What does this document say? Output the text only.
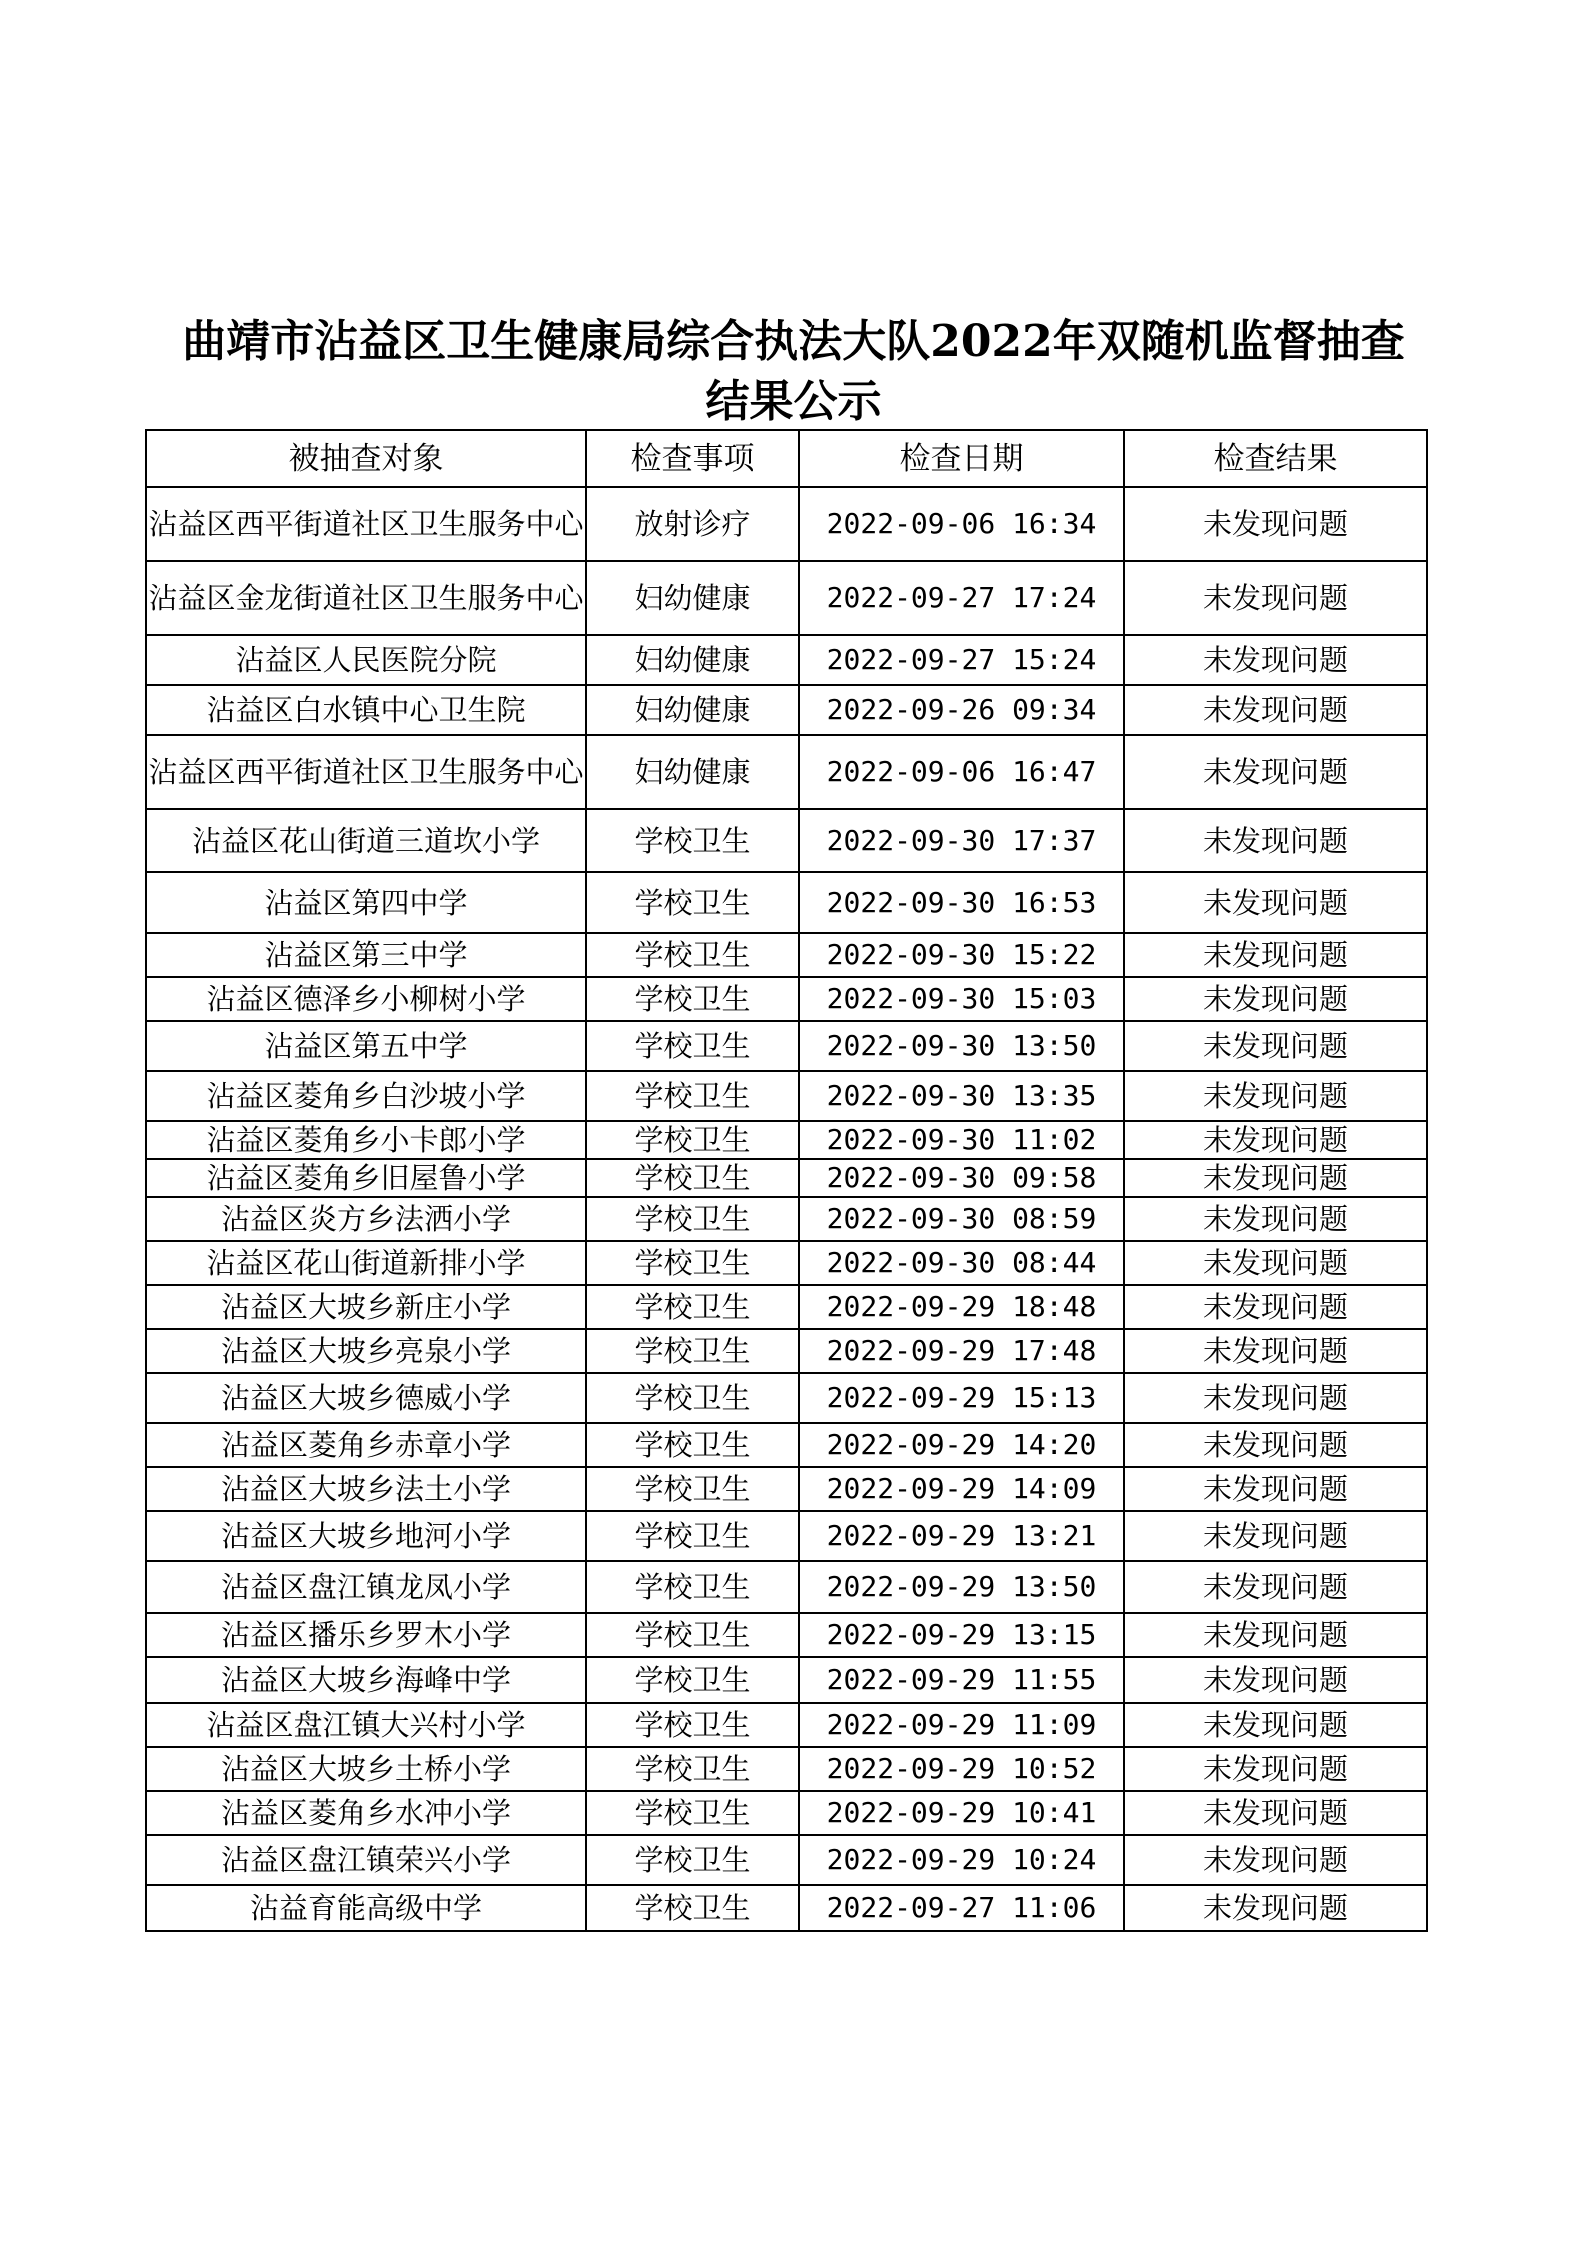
曲靖市沾益区卫生健康局综合执法大队2022年双随机监督抽查
结果公示
被抽查对象	检查事项	检查日期	检查结果
沾益区西平街道社区卫生服务中心	放射诊疗	2022-09-06 16:34	未发现问题
沾益区金龙街道社区卫生服务中心	妇幼健康	2022-09-27 17:24	未发现问题
沾益区人民医院分院	妇幼健康	2022-09-27 15:24	未发现问题
沾益区白水镇中心卫生院	妇幼健康	2022-09-26 09:34	未发现问题
沾益区西平街道社区卫生服务中心	妇幼健康	2022-09-06 16:47	未发现问题
沾益区花山街道三道坎小学	学校卫生	2022-09-30 17:37	未发现问题
沾益区第四中学	学校卫生	2022-09-30 16:53	未发现问题
沾益区第三中学	学校卫生	2022-09-30 15:22	未发现问题
沾益区德泽乡小柳树小学	学校卫生	2022-09-30 15:03	未发现问题
沾益区第五中学	学校卫生	2022-09-30 13:50	未发现问题
沾益区菱角乡白沙坡小学	学校卫生	2022-09-30 13:35	未发现问题
沾益区菱角乡小卡郎小学	学校卫生	2022-09-30 11:02	未发现问题
沾益区菱角乡旧屋鲁小学	学校卫生	2022-09-30 09:58	未发现问题
沾益区炎方乡法洒小学	学校卫生	2022-09-30 08:59	未发现问题
沾益区花山街道新排小学	学校卫生	2022-09-30 08:44	未发现问题
沾益区大坡乡新庄小学	学校卫生	2022-09-29 18:48	未发现问题
沾益区大坡乡亮泉小学	学校卫生	2022-09-29 17:48	未发现问题
沾益区大坡乡德威小学	学校卫生	2022-09-29 15:13	未发现问题
沾益区菱角乡赤章小学	学校卫生	2022-09-29 14:20	未发现问题
沾益区大坡乡法土小学	学校卫生	2022-09-29 14:09	未发现问题
沾益区大坡乡地河小学	学校卫生	2022-09-29 13:21	未发现问题
沾益区盘江镇龙凤小学	学校卫生	2022-09-29 13:50	未发现问题
沾益区播乐乡罗木小学	学校卫生	2022-09-29 13:15	未发现问题
沾益区大坡乡海峰中学	学校卫生	2022-09-29 11:55	未发现问题
沾益区盘江镇大兴村小学	学校卫生	2022-09-29 11:09	未发现问题
沾益区大坡乡土桥小学	学校卫生	2022-09-29 10:52	未发现问题
沾益区菱角乡水冲小学	学校卫生	2022-09-29 10:41	未发现问题
沾益区盘江镇荣兴小学	学校卫生	2022-09-29 10:24	未发现问题
沾益育能高级中学	学校卫生	2022-09-27 11:06	未发现问题
